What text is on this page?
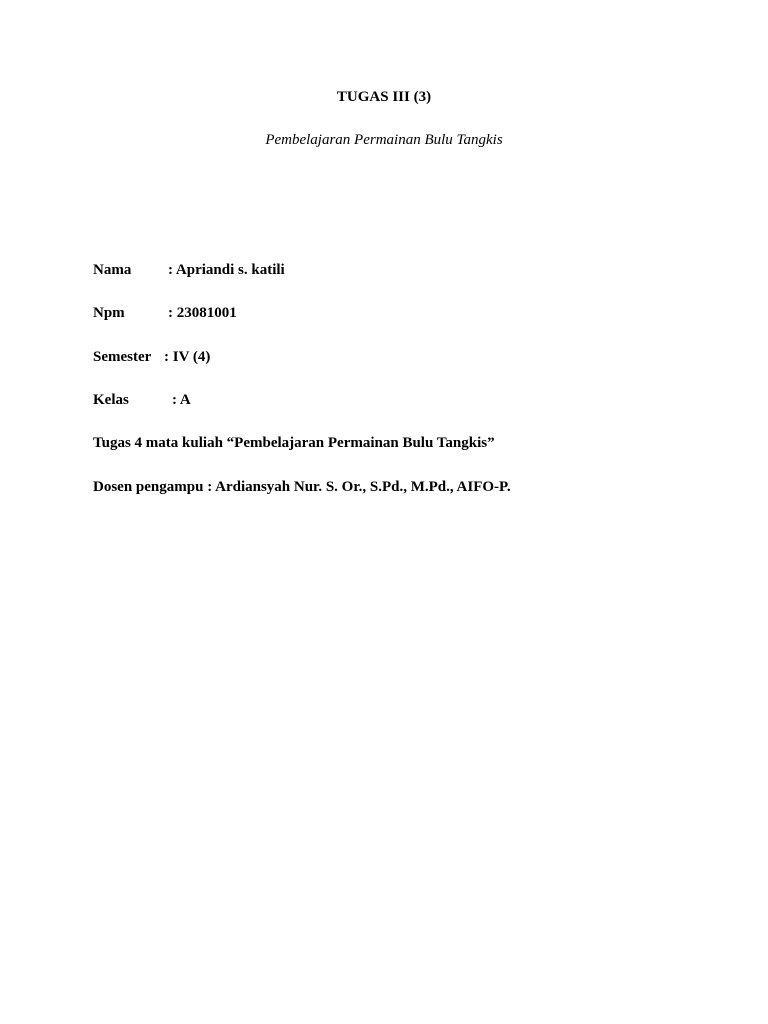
TUGAS III (3)
Pembelajaran Permainan Bulu Tangkis
Nama : Apriandi s. katili
Npm	: 23081001
Semester : IV (4)
Kelas	: A
Tugas 4 mata kuliah “Pembelajaran Permainan Bulu Tangkis”
Dosen pengampu : Ardiansyah Nur. S. Or., S.Pd., M.Pd., AIFO-P.
